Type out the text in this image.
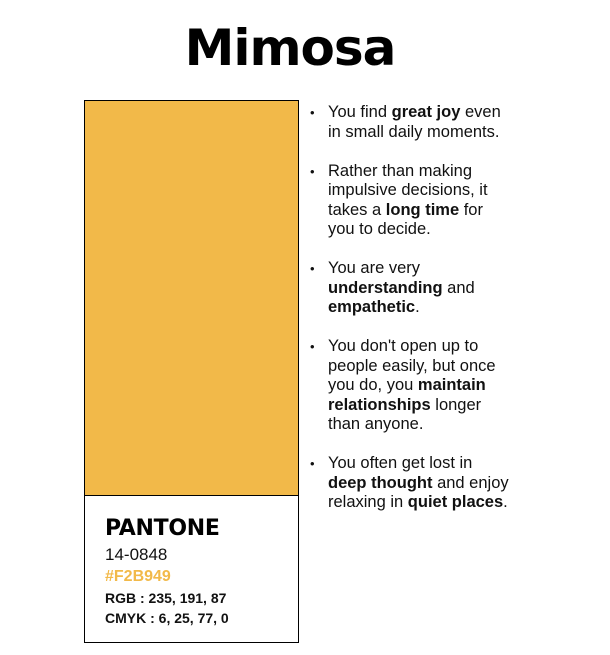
Mimosa
PANTONE
14-0848
#F2B949
RGB : 235, 191, 87
CMYK : 6, 25, 77, 0
• You find great joy even in small daily moments.
• Rather than making impulsive decisions, it takes a long time for you to decide.
• You are very understanding and empathetic.
• You don't open up to people easily, but once you do, you maintain relationships longer than anyone.
• You often get lost in deep thought and enjoy relaxing in quiet places.
